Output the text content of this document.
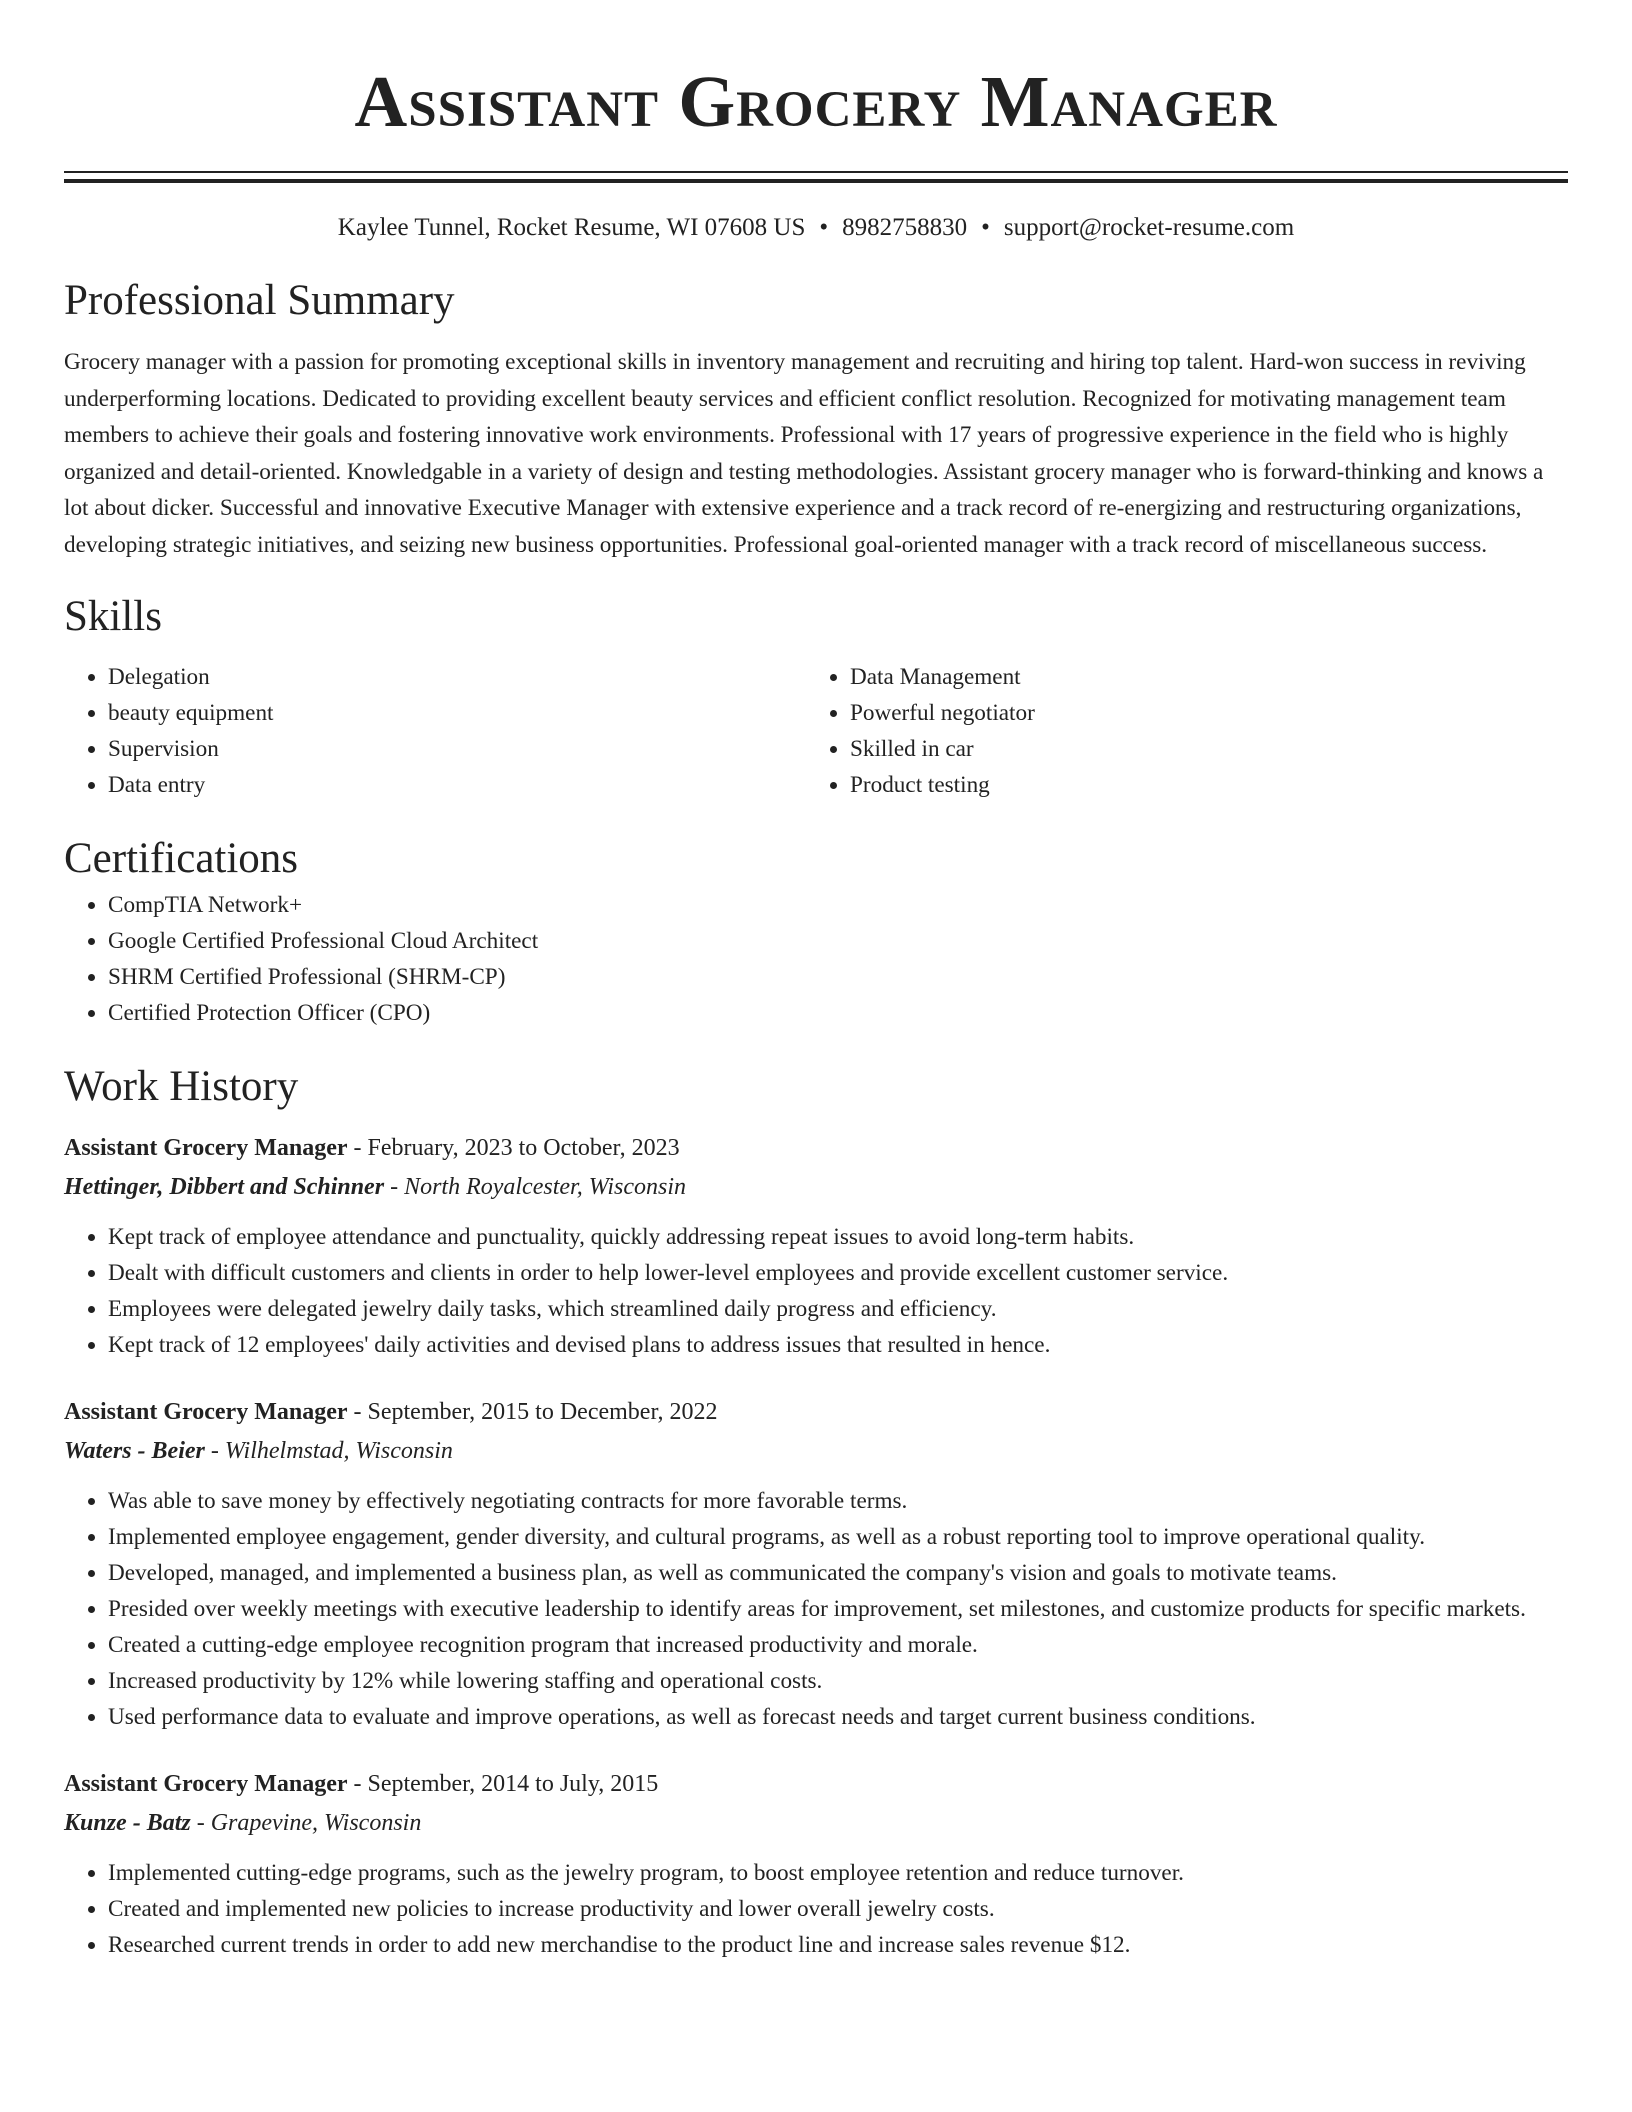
Assistant Grocery Manager
Kaylee Tunnel, Rocket Resume, WI 07608 US • 8982758830 • support@rocket-resume.com
Professional Summary
Grocery manager with a passion for promoting exceptional skills in inventory management and recruiting and hiring top talent. Hard-won success in reviving underperforming locations. Dedicated to providing excellent beauty services and efficient conflict resolution. Recognized for motivating management team members to achieve their goals and fostering innovative work environments. Professional with 17 years of progressive experience in the field who is highly organized and detail-oriented. Knowledgable in a variety of design and testing methodologies. Assistant grocery manager who is forward-thinking and knows a lot about dicker. Successful and innovative Executive Manager with extensive experience and a track record of re-energizing and restructuring organizations, developing strategic initiatives, and seizing new business opportunities. Professional goal-oriented manager with a track record of miscellaneous success.
Skills
• Delegation
• beauty equipment
• Supervision
• Data entry
• Data Management
• Powerful negotiator
• Skilled in car
• Product testing
Certifications
• CompTIA Network+
• Google Certified Professional Cloud Architect
• SHRM Certified Professional (SHRM-CP)
• Certified Protection Officer (CPO)
Work History
Assistant Grocery Manager - February, 2023 to October, 2023
Hettinger, Dibbert and Schinner - North Royalcester, Wisconsin
• Kept track of employee attendance and punctuality, quickly addressing repeat issues to avoid long-term habits.
• Dealt with difficult customers and clients in order to help lower-level employees and provide excellent customer service.
• Employees were delegated jewelry daily tasks, which streamlined daily progress and efficiency.
• Kept track of 12 employees' daily activities and devised plans to address issues that resulted in hence.
Assistant Grocery Manager - September, 2015 to December, 2022
Waters - Beier - Wilhelmstad, Wisconsin
• Was able to save money by effectively negotiating contracts for more favorable terms.
• Implemented employee engagement, gender diversity, and cultural programs, as well as a robust reporting tool to improve operational quality.
• Developed, managed, and implemented a business plan, as well as communicated the company's vision and goals to motivate teams.
• Presided over weekly meetings with executive leadership to identify areas for improvement, set milestones, and customize products for specific markets.
• Created a cutting-edge employee recognition program that increased productivity and morale.
• Increased productivity by 12% while lowering staffing and operational costs.
• Used performance data to evaluate and improve operations, as well as forecast needs and target current business conditions.
Assistant Grocery Manager - September, 2014 to July, 2015
Kunze - Batz - Grapevine, Wisconsin
• Implemented cutting-edge programs, such as the jewelry program, to boost employee retention and reduce turnover.
• Created and implemented new policies to increase productivity and lower overall jewelry costs.
• Researched current trends in order to add new merchandise to the product line and increase sales revenue $12.
